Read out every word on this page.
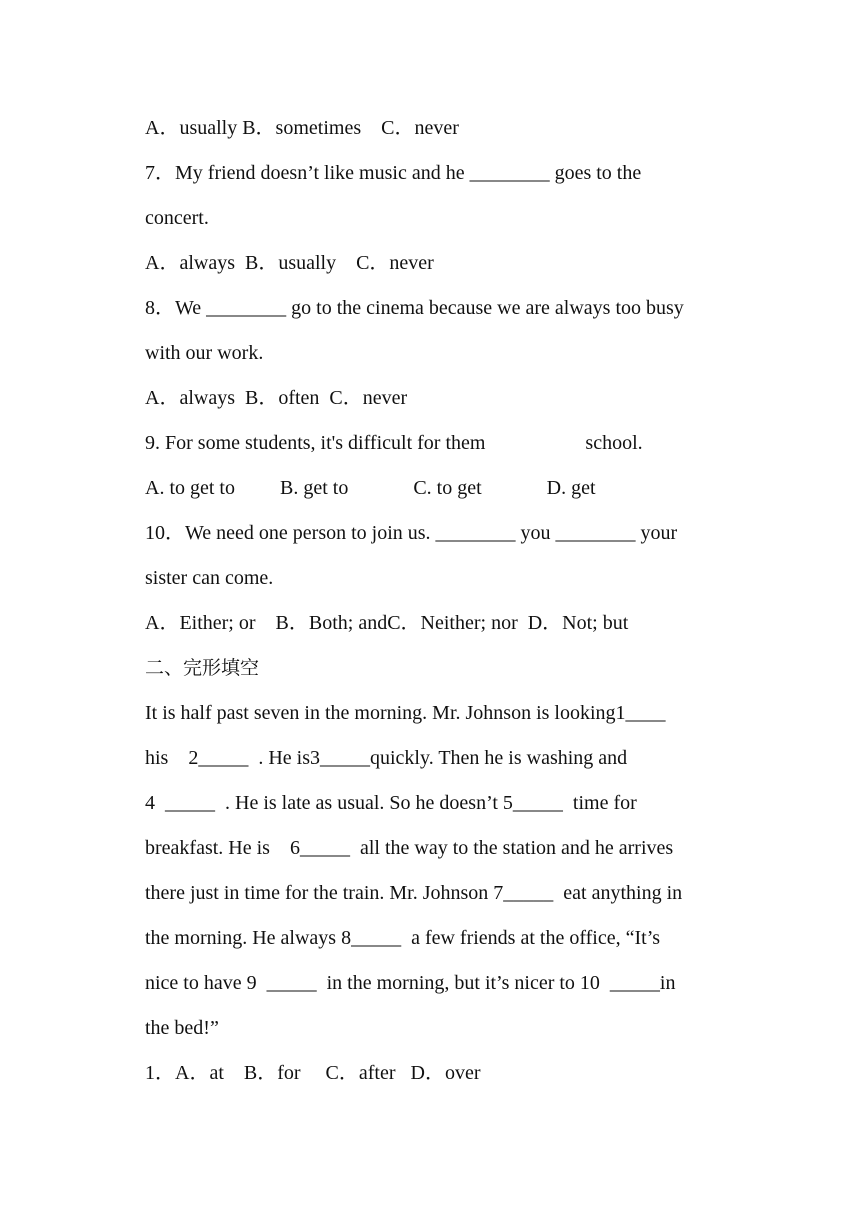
A．usually B．sometimes    C．never
7．My friend doesn’t like music and he ________ goes to the
concert.
A．always  B．usually    C．never
8．We ________ go to the cinema because we are always too busy
with our work.
A．always  B．often  C．never
9. For some students, it's difficult for them                    school.
A. to get to         B. get to             C. to get             D. get
10．We need one person to join us. ________ you ________ your
sister can come.
A．Either; or    B．Both; andC．Neither; nor  D．Not; but
二、完形填空
It is half past seven in the morning. Mr. Johnson is looking1____
his    2_____  . He is3_____quickly. Then he is washing and
4  _____  . He is late as usual. So he doesn’t 5_____  time for
breakfast. He is    6_____  all the way to the station and he arrives
there just in time for the train. Mr. Johnson 7_____  eat anything in
the morning. He always 8_____  a few friends at the office, “It’s
nice to have 9  _____  in the morning, but it’s nicer to 10  _____in
the bed!”
1．A．at    B．for     C．after   D．over
